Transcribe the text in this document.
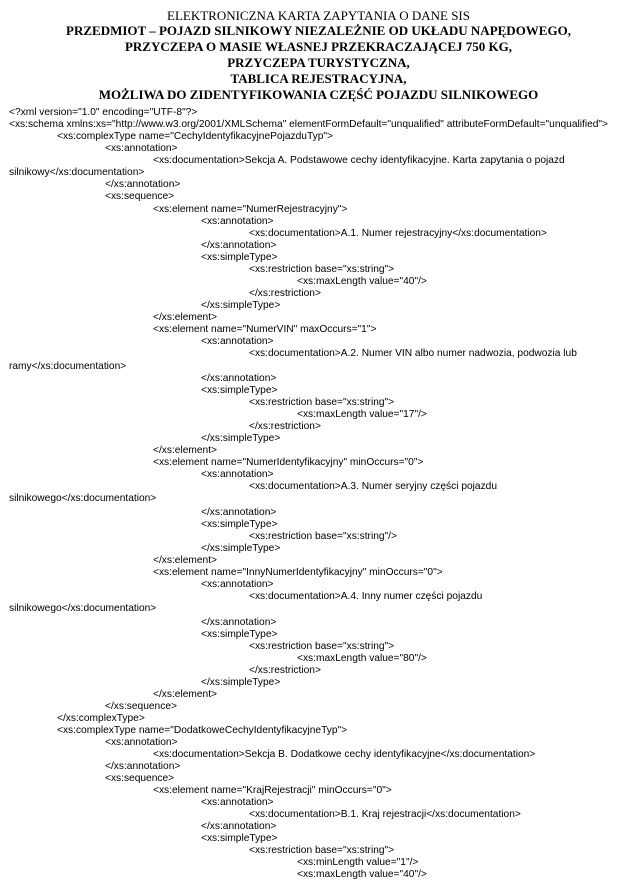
ELEKTRONICZNA KARTA ZAPYTANIA O DANE SIS
PRZEDMIOT – POJAZD SILNIKOWY NIEZALEŻNIE OD UKŁADU NAPĘDOWEGO,
PRZYCZEPA O MASIE WŁASNEJ PRZEKRACZAJĄCEJ 750 KG,
PRZYCZEPA TURYSTYCZNA,
TABLICA REJESTRACYJNA,
MOŻLIWA DO ZIDENTYFIKOWANIA CZĘŚĆ POJAZDU SILNIKOWEGO

<?xml version="1.0" encoding="UTF-8"?>

<xs:schema xmlns:xs="http://www.w3.org/2001/XMLSchema" elementFormDefault="unqualified" attributeFormDefault="unqualified">

<xs:complexType name="CechyIdentyfikacyjnePojazduTyp">

<xs:annotation>

<xs:documentation>Sekcja A. Podstawowe cechy identyfikacyjne. Karta zapytania o pojazd

silnikowy</xs:documentation>

</xs:annotation>

<xs:sequence>

<xs:element name="NumerRejestracyjny">

<xs:annotation>

<xs:documentation>A.1. Numer rejestracyjny</xs:documentation>

</xs:annotation>

<xs:simpleType>

<xs:restriction base="xs:string">

<xs:maxLength value="40"/>

</xs:restriction>

</xs:simpleType>

</xs:element>

<xs:element name="NumerVIN" maxOccurs="1">

<xs:annotation>

<xs:documentation>A.2. Numer VIN albo numer nadwozia, podwozia lub

ramy</xs:documentation>

</xs:annotation>

<xs:simpleType>

<xs:restriction base="xs:string">

<xs:maxLength value="17"/>

</xs:restriction>

</xs:simpleType>

</xs:element>

<xs:element name="NumerIdentyfikacyjny" minOccurs="0">

<xs:annotation>

<xs:documentation>A.3. Numer seryjny części pojazdu

silnikowego</xs:documentation>

</xs:annotation>

<xs:simpleType>

<xs:restriction base="xs:string"/>

</xs:simpleType>

</xs:element>

<xs:element name="InnyNumerIdentyfikacyjny" minOccurs="0">

<xs:annotation>

<xs:documentation>A.4. Inny numer części pojazdu

silnikowego</xs:documentation>

</xs:annotation>

<xs:simpleType>

<xs:restriction base="xs:string">

<xs:maxLength value="80"/>

</xs:restriction>

</xs:simpleType>

</xs:element>

</xs:sequence>

</xs:complexType>

<xs:complexType name="DodatkoweCechyIdentyfikacyjneTyp">

<xs:annotation>

<xs:documentation>Sekcja B. Dodatkowe cechy identyfikacyjne</xs:documentation>

</xs:annotation>

<xs:sequence>

<xs:element name="KrajRejestracji" minOccurs="0">

<xs:annotation>

<xs:documentation>B.1. Kraj rejestracji</xs:documentation>

</xs:annotation>

<xs:simpleType>

<xs:restriction base="xs:string">

<xs:minLength value="1"/>

<xs:maxLength value="40"/>
